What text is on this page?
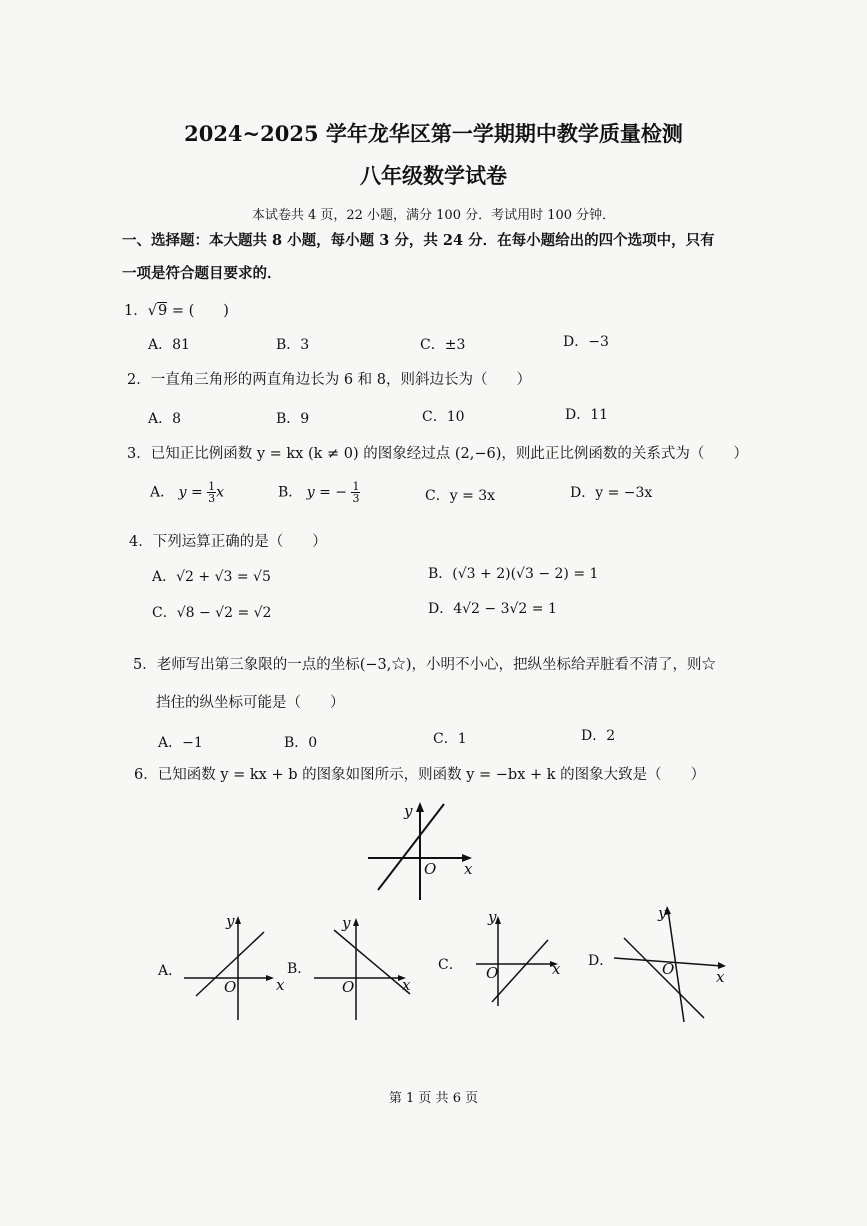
2024~2025 学年龙华区第一学期期中教学质量检测
八年级数学试卷
本试卷共 4 页，22 小题，满分 100 分．考试用时 100 分钟．
一、选择题：本大题共 8 小题，每小题 3 分，共 24 分．在每小题给出的四个选项中，只有
一项是符合题目要求的．
1．√9 = (　　)
A．81	B．3	C．±3	D．−3
2．一直角三角形的两直角边长为 6 和 8，则斜边长为（　　）
A．8	B．9	C．10	D．11
3．已知正比例函数 y = kx (k ≠ 0) 的图象经过点 (2,−6)，则此正比例函数的关系式为（　　）
A． $y = \frac{1}{3}$ x	B． y = − $\frac{1}{3}$	C．y = 3x	D．y = −3x
4．下列运算正确的是（　　）
A．√2 + √3 = √5	B．(√3 + 2)(√3 − 2) = 1
C．√8 − √2 = √2	D．4√2 − 3√2 = 1
5．老师写出第三象限的一点的坐标(−3,☆)，小明不小心，把纵坐标给弄脏看不清了，则☆
挡住的纵坐标可能是（　　）
A．−1	B．0	C．1	D．2
6．已知函数 y = kx + b 的图象如图所示，则函数 y = −bx + k 的图象大致是（　　）
y
x
O
A．
y
x
O
B．
y
x
O
C．
y
x
O
D．
y
x
O
第 1 页 共 6 页
